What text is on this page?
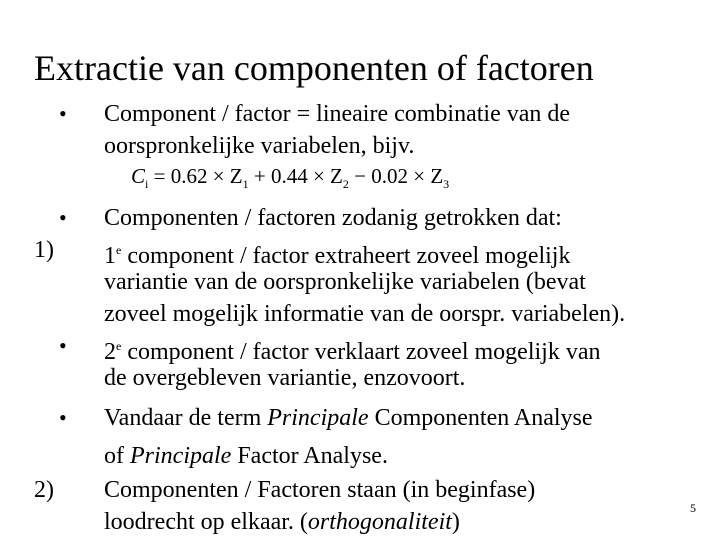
Extractie van componenten of factoren
• Component / factor = lineaire combinatie van de
oorspronkelijke variabelen, bijv.
$C_i = 0.62 \times Z_1 + 0.44 \times Z_2 - 0.02 \times Z_3$
• Componenten / factoren zodanig getrokken dat:
1) 1e component / factor extraheert zoveel mogelijk
variantie van de oorspronkelijke variabelen (bevat
zoveel mogelijk informatie van de oorspr. variabelen).
• 2e component / factor verklaart zoveel mogelijk van
de overgebleven variantie, enzovoort.
• Vandaar de term Principale Componenten Analyse
of Principale Factor Analyse.
2) Componenten / Factoren staan (in beginfase)
loodrecht op elkaar. (orthogonaliteit)
5
